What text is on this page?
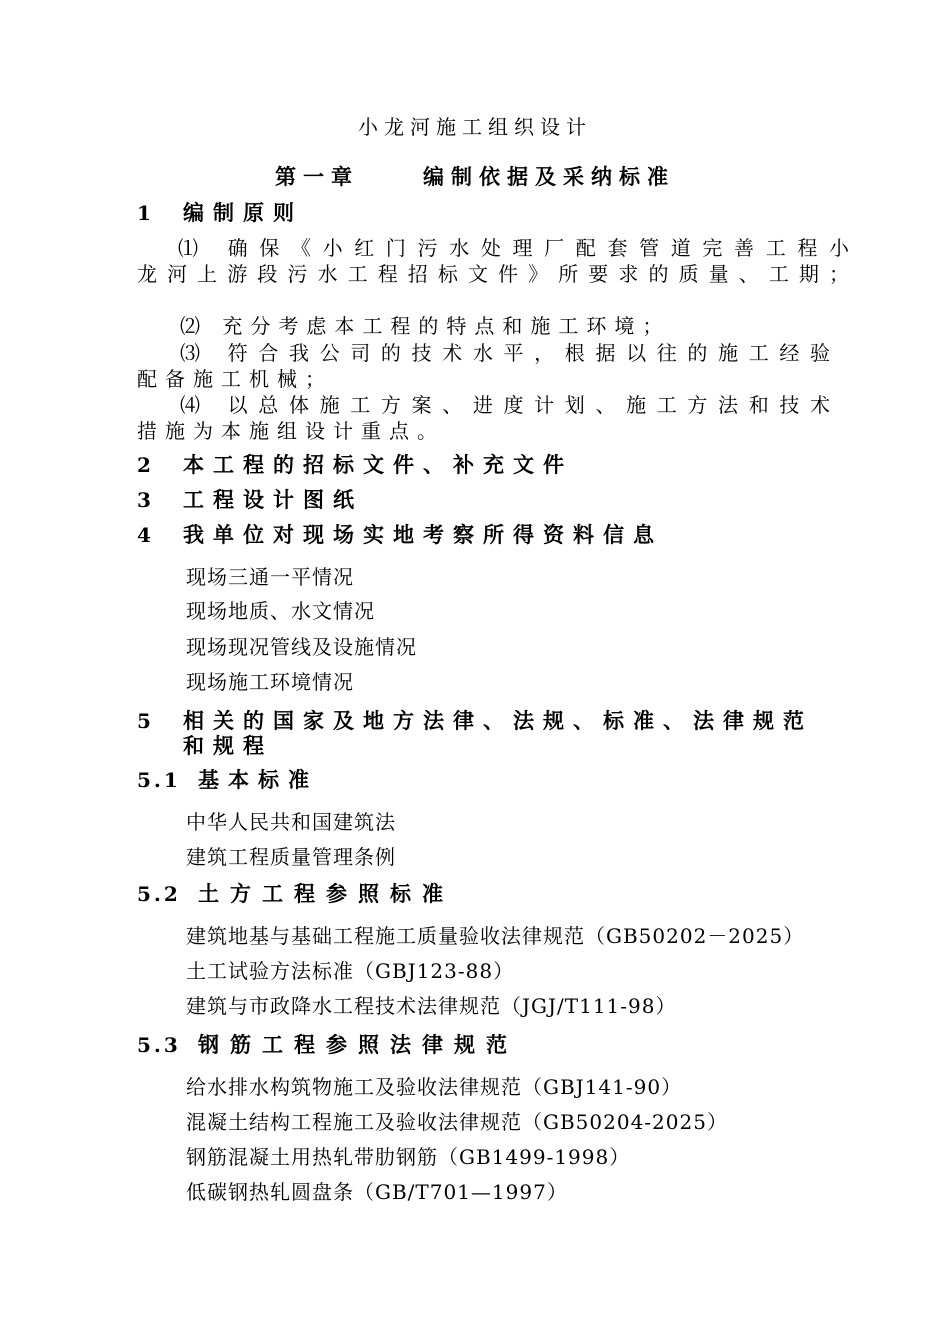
小龙河施工组织设计

第一章	编制依据及采纳标准

1 编制原则

⑴ 确保《小红门污水处理厂配套管道完善工程小

龙河上游段污水工程招标文件》所要求的质量、工期；

⑵ 充分考虑本工程的特点和施工环境；

⑶ 符合我公司的技术水平，根据以往的施工经验

配备施工机械；

⑷ 以总体施工方案、进度计划、施工方法和技术

措施为本施组设计重点。

2 本工程的招标文件、补充文件

3 工程设计图纸

4 我单位对现场实地考察所得资料信息

现场三通一平情况

现场地质、水文情况

现场现况管线及设施情况

现场施工环境情况

5 相关的国家及地方法律、法规、标准、法律规范

和规程

5.1 基本标准

中华人民共和国建筑法

建筑工程质量管理条例

5.2 土方工程参照标准

建筑地基与基础工程施工质量验收法律规范（GB50202－2025）

土工试验方法标准（GBJ123-88）

建筑与市政降水工程技术法律规范（JGJ/T111-98）

5.3 钢筋工程参照法律规范

给水排水构筑物施工及验收法律规范（GBJ141-90）

混凝土结构工程施工及验收法律规范（GB50204-2025）

钢筋混凝土用热轧带肋钢筋（GB1499-1998）

低碳钢热轧圆盘条（GB/T701—1997）
